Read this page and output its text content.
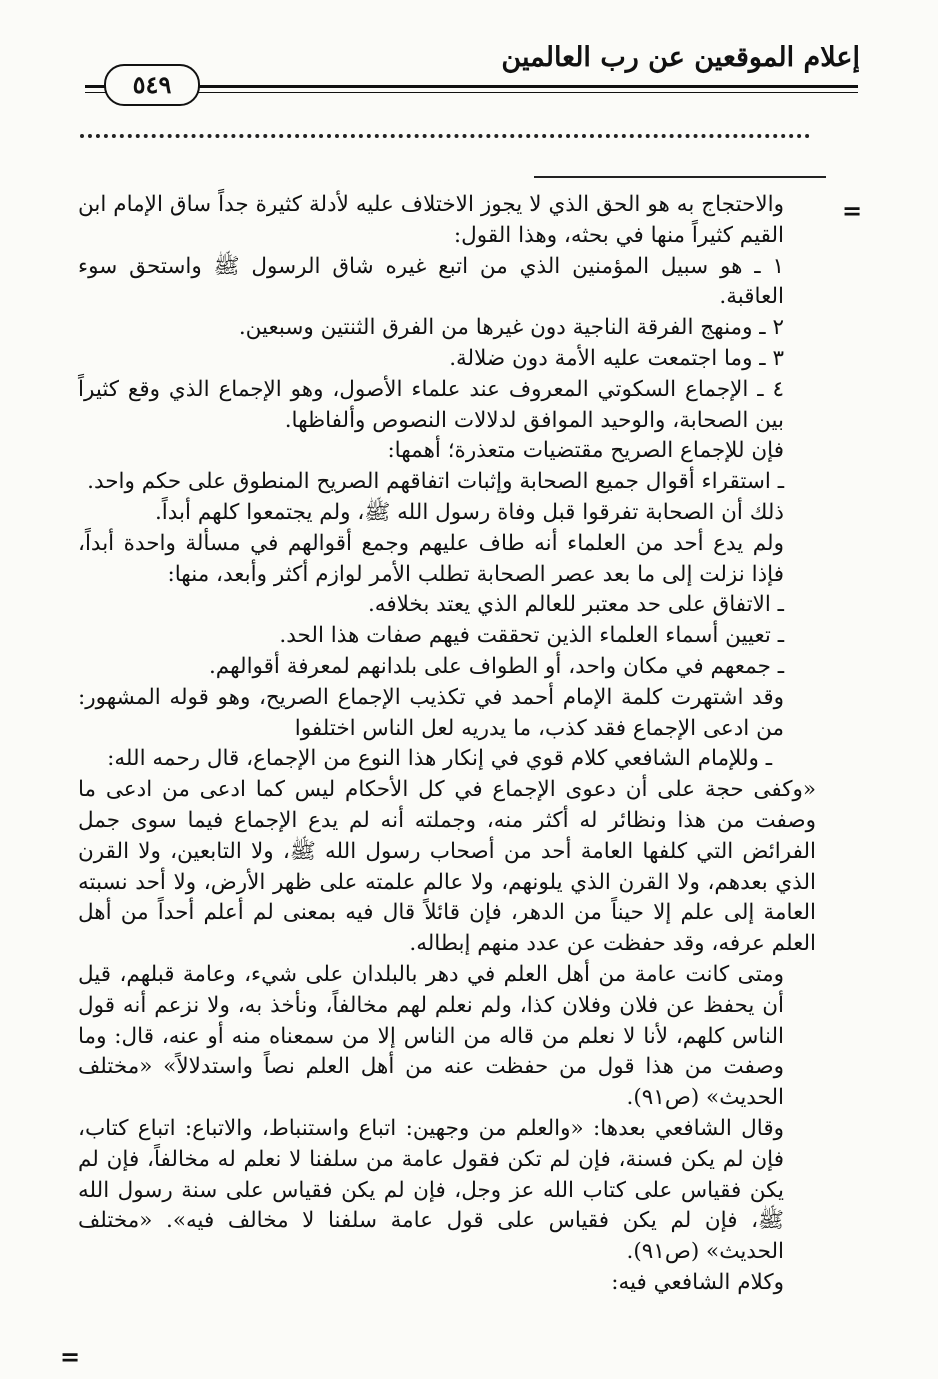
إعلام الموقعين عن رب العالمين
٥٤٩
=
=

والاحتجاج به هو الحق الذي لا يجوز الاختلاف عليه لأدلة كثيرة جداً ساق الإمام ابن القيم كثيراً منها في بحثه، وهذا القول:

١ ـ هو سبيل المؤمنين الذي من اتبع غيره شاق الرسول ﷺ واستحق سوء العاقبة.

٢ ـ ومنهج الفرقة الناجية دون غيرها من الفرق الثنتين وسبعين.

٣ ـ وما اجتمعت عليه الأمة دون ضلالة.

٤ ـ الإجماع السكوتي المعروف عند علماء الأصول، وهو الإجماع الذي وقع كثيراً بين الصحابة، والوحيد الموافق لدلالات النصوص وألفاظها.

فإن للإجماع الصريح مقتضيات متعذرة؛ أهمها:

ـ استقراء أقوال جميع الصحابة وإثبات اتفاقهم الصريح المنطوق على حكم واحد.

ذلك أن الصحابة تفرقوا قبل وفاة رسول الله ﷺ، ولم يجتمعوا كلهم أبداً.

ولم يدع أحد من العلماء أنه طاف عليهم وجمع أقوالهم في مسألة واحدة أبداً، فإذا نزلت إلى ما بعد عصر الصحابة تطلب الأمر لوازم أكثر وأبعد، منها:

ـ الاتفاق على حد معتبر للعالم الذي يعتد بخلافه.

ـ تعيين أسماء العلماء الذين تحققت فيهم صفات هذا الحد.

ـ جمعهم في مكان واحد، أو الطواف على بلدانهم لمعرفة أقوالهم.

وقد اشتهرت كلمة الإمام أحمد في تكذيب الإجماع الصريح، وهو قوله المشهور: من ادعى الإجماع فقد كذب، ما يدريه لعل الناس اختلفوا

ـ وللإمام الشافعي كلام قوي في إنكار هذا النوع من الإجماع، قال رحمه الله:

«وكفى حجة على أن دعوى الإجماع في كل الأحكام ليس كما ادعى من ادعى ما وصفت من هذا ونظائر له أكثر منه، وجملته أنه لم يدع الإجماع فيما سوى جمل الفرائض التي كلفها العامة أحد من أصحاب رسول الله ﷺ، ولا التابعين، ولا القرن الذي بعدهم، ولا القرن الذي يلونهم، ولا عالم علمته على ظهر الأرض، ولا أحد نسبته العامة إلى علم إلا حيناً من الدهر، فإن قائلاً قال فيه بمعنى لم أعلم أحداً من أهل العلم عرفه، وقد حفظت عن عدد منهم إبطاله.

ومتى كانت عامة من أهل العلم في دهر بالبلدان على شيء، وعامة قبلهم، قيل أن يحفظ عن فلان وفلان كذا، ولم نعلم لهم مخالفاً، ونأخذ به، ولا نزعم أنه قول الناس كلهم، لأنا لا نعلم من قاله من الناس إلا من سمعناه منه أو عنه، قال: وما وصفت من هذا قول من حفظت عنه من أهل العلم نصاً واستدلالاً» «مختلف الحديث» (ص٩١).

وقال الشافعي بعدها: «والعلم من وجهين: اتباع واستنباط، والاتباع: اتباع كتاب، فإن لم يكن فسنة، فإن لم تكن فقول عامة من سلفنا لا نعلم له مخالفاً، فإن لم يكن فقياس على كتاب الله عز وجل، فإن لم يكن فقياس على سنة رسول الله ﷺ، فإن لم يكن فقياس على قول عامة سلفنا لا مخالف فيه». «مختلف الحديث» (ص٩١).

وكلام الشافعي فيه:
